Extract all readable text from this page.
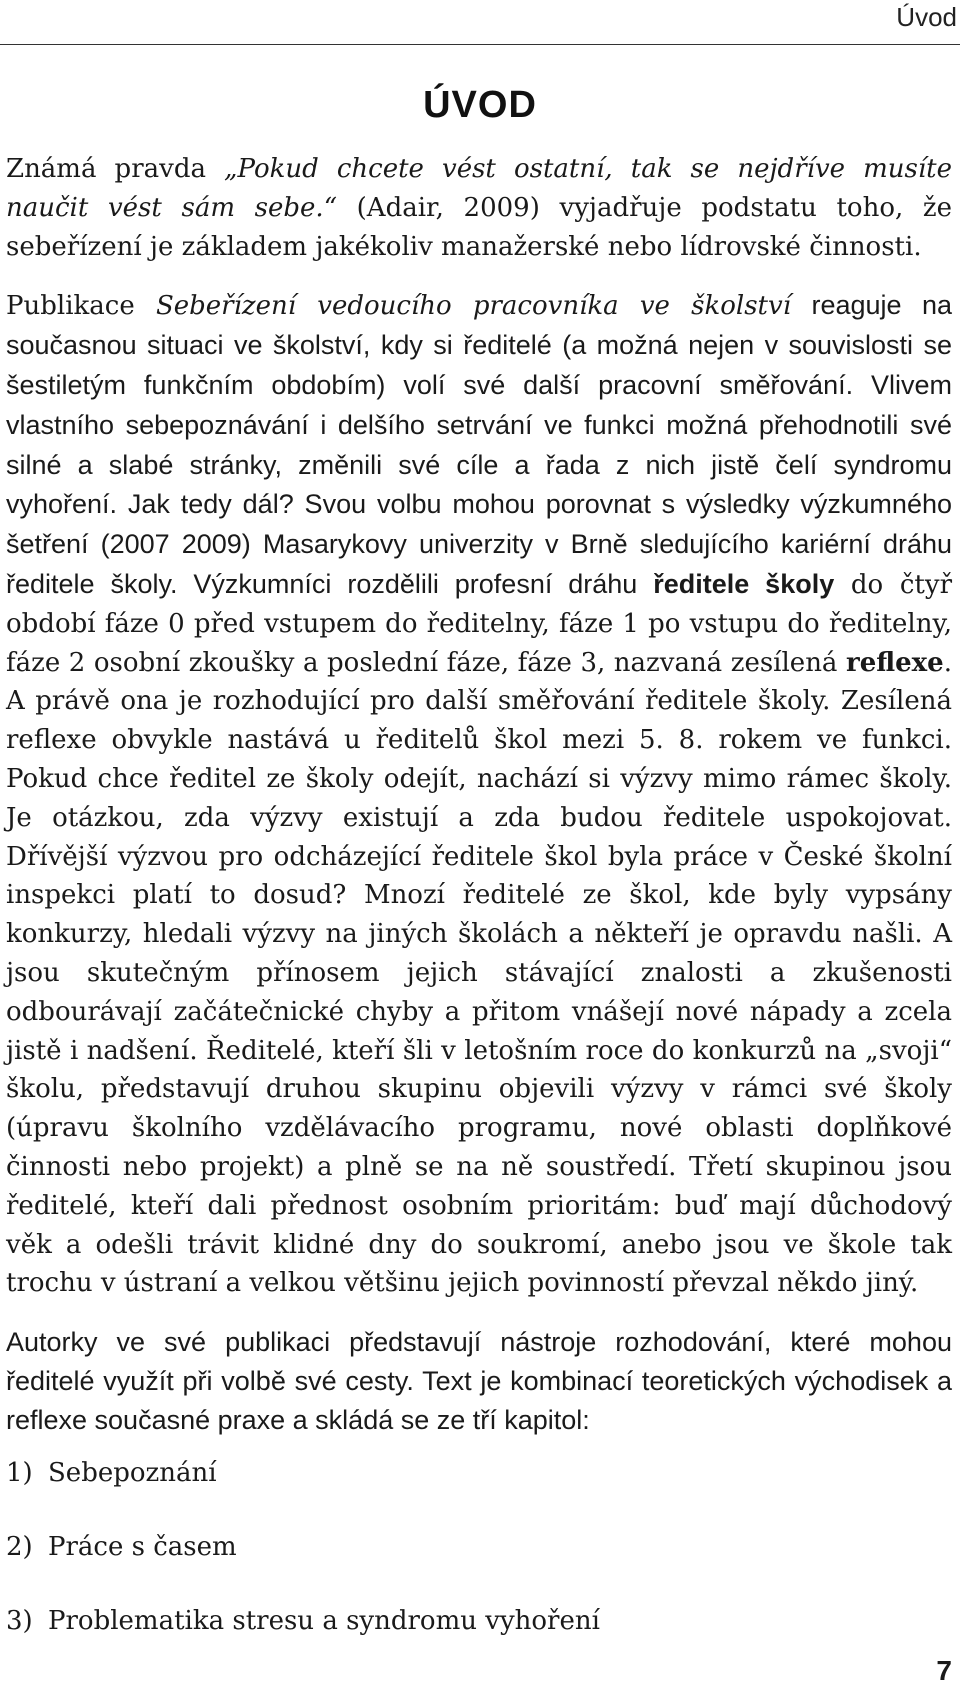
Úvod
ÚVOD

Známá pravda „Pokud chcete vést ostatní, tak se nejdříve musíte naučit vést sám sebe.“ (Adair, 2009) vyjadřuje podstatu toho, že sebeřízení je základem jakékoliv manažerské nebo lídrovské činnosti.

Publikace Sebeřízení vedoucího pracovníka ve školství reaguje na současnou situaci ve školství, kdy si ředitelé (a možná nejen v souvislosti se šestiletým funkčním obdobím) volí své další pracovní směřování. Vlivem vlastního sebepoznávání i delšího setrvání ve funkci možná přehodnotili své silné a slabé stránky, změnili své cíle a řada z nich jistě čelí syndromu vyhoření. Jak tedy dál? Svou volbu mohou porovnat s výsledky výzkumného šetření (2007 2009) Masarykovy univerzity v Brně sledujícího kariérní dráhu ředitele školy. Výzkumníci rozdělili profesní dráhu ředitele školy do čtyř období fáze 0 před vstupem do ředitelny, fáze 1 po vstupu do ředitelny, fáze 2 osobní zkoušky a poslední fáze, fáze 3, nazvaná zesílená reflexe. A právě ona je rozhodující pro další směřování ředitele školy. Zesílená reflexe obvykle nastává u ředitelů škol mezi 5. 8. rokem ve funkci. Pokud chce ředitel ze školy odejít, nachází si výzvy mimo rámec školy. Je otázkou, zda výzvy existují a zda budou ředitele uspokojovat. Dřívější výzvou pro odcházející ředitele škol byla práce v České školní inspekci platí to dosud? Mnozí ředitelé ze škol, kde byly vypsány konkurzy, hledali výzvy na jiných školách a někteří je opravdu našli. A jsou skutečným přínosem jejich stávající znalosti a zkušenosti odbourávají začátečnické chyby a přitom vnášejí nové nápady a zcela jistě i nadšení. Ředitelé, kteří šli v letošním roce do konkurzů na „svoji“ školu, představují druhou skupinu objevili výzvy v rámci své školy (úpravu školního vzdělávacího programu, nové oblasti doplňkové činnosti nebo projekt) a plně se na ně soustředí. Třetí skupinou jsou ředitelé, kteří dali přednost osobním prioritám: buď mají důchodový věk a odešli trávit klidné dny do soukromí, anebo jsou ve škole tak trochu v ústraní a velkou většinu jejich povinností převzal někdo jiný.

Autorky ve své publikaci představují nástroje rozhodování, které mohou ředitelé využít při volbě své cesty. Text je kombinací teoretických východisek a reflexe současné praxe a skládá se ze tří kapitol:

1) Sebepoznání
2) Práce s časem
3) Problematika stresu a syndromu vyhoření
7
